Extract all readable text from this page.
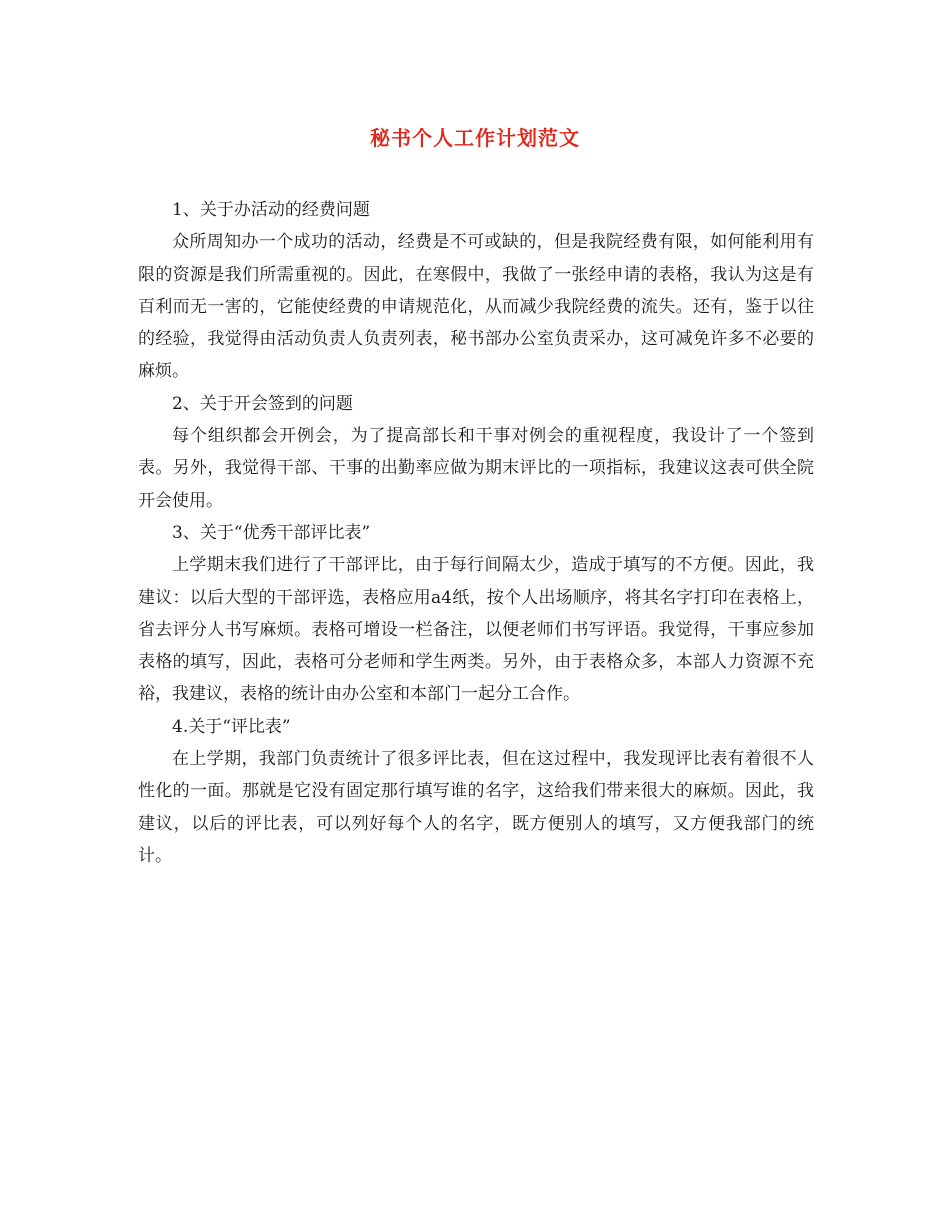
秘书个人工作计划范文

1、关于办活动的经费问题

众所周知办一个成功的活动，经费是不可或缺的，但是我院经费有限，如何能利用有限的资源是我们所需重视的。因此，在寒假中，我做了一张经申请的表格，我认为这是有百利而无一害的，它能使经费的申请规范化，从而减少我院经费的流失。还有，鉴于以往的经验，我觉得由活动负责人负责列表，秘书部办公室负责采办，这可减免许多不必要的麻烦。

2、关于开会签到的问题

每个组织都会开例会，为了提高部长和干事对例会的重视程度，我设计了一个签到表。另外，我觉得干部、干事的出勤率应做为期末评比的一项指标，我建议这表可供全院开会使用。

3、关于“优秀干部评比表”

上学期末我们进行了干部评比，由于每行间隔太少，造成于填写的不方便。因此，我建议：以后大型的干部评选，表格应用a4纸，按个人出场顺序，将其名字打印在表格上，省去评分人书写麻烦。表格可增设一栏备注，以便老师们书写评语。我觉得，干事应参加表格的填写，因此，表格可分老师和学生两类。另外，由于表格众多，本部人力资源不充裕，我建议，表格的统计由办公室和本部门一起分工合作。

4.关于“评比表”

在上学期，我部门负责统计了很多评比表，但在这过程中，我发现评比表有着很不人性化的一面。那就是它没有固定那行填写谁的名字，这给我们带来很大的麻烦。因此，我建议，以后的评比表，可以列好每个人的名字，既方便别人的填写，又方便我部门的统计。
